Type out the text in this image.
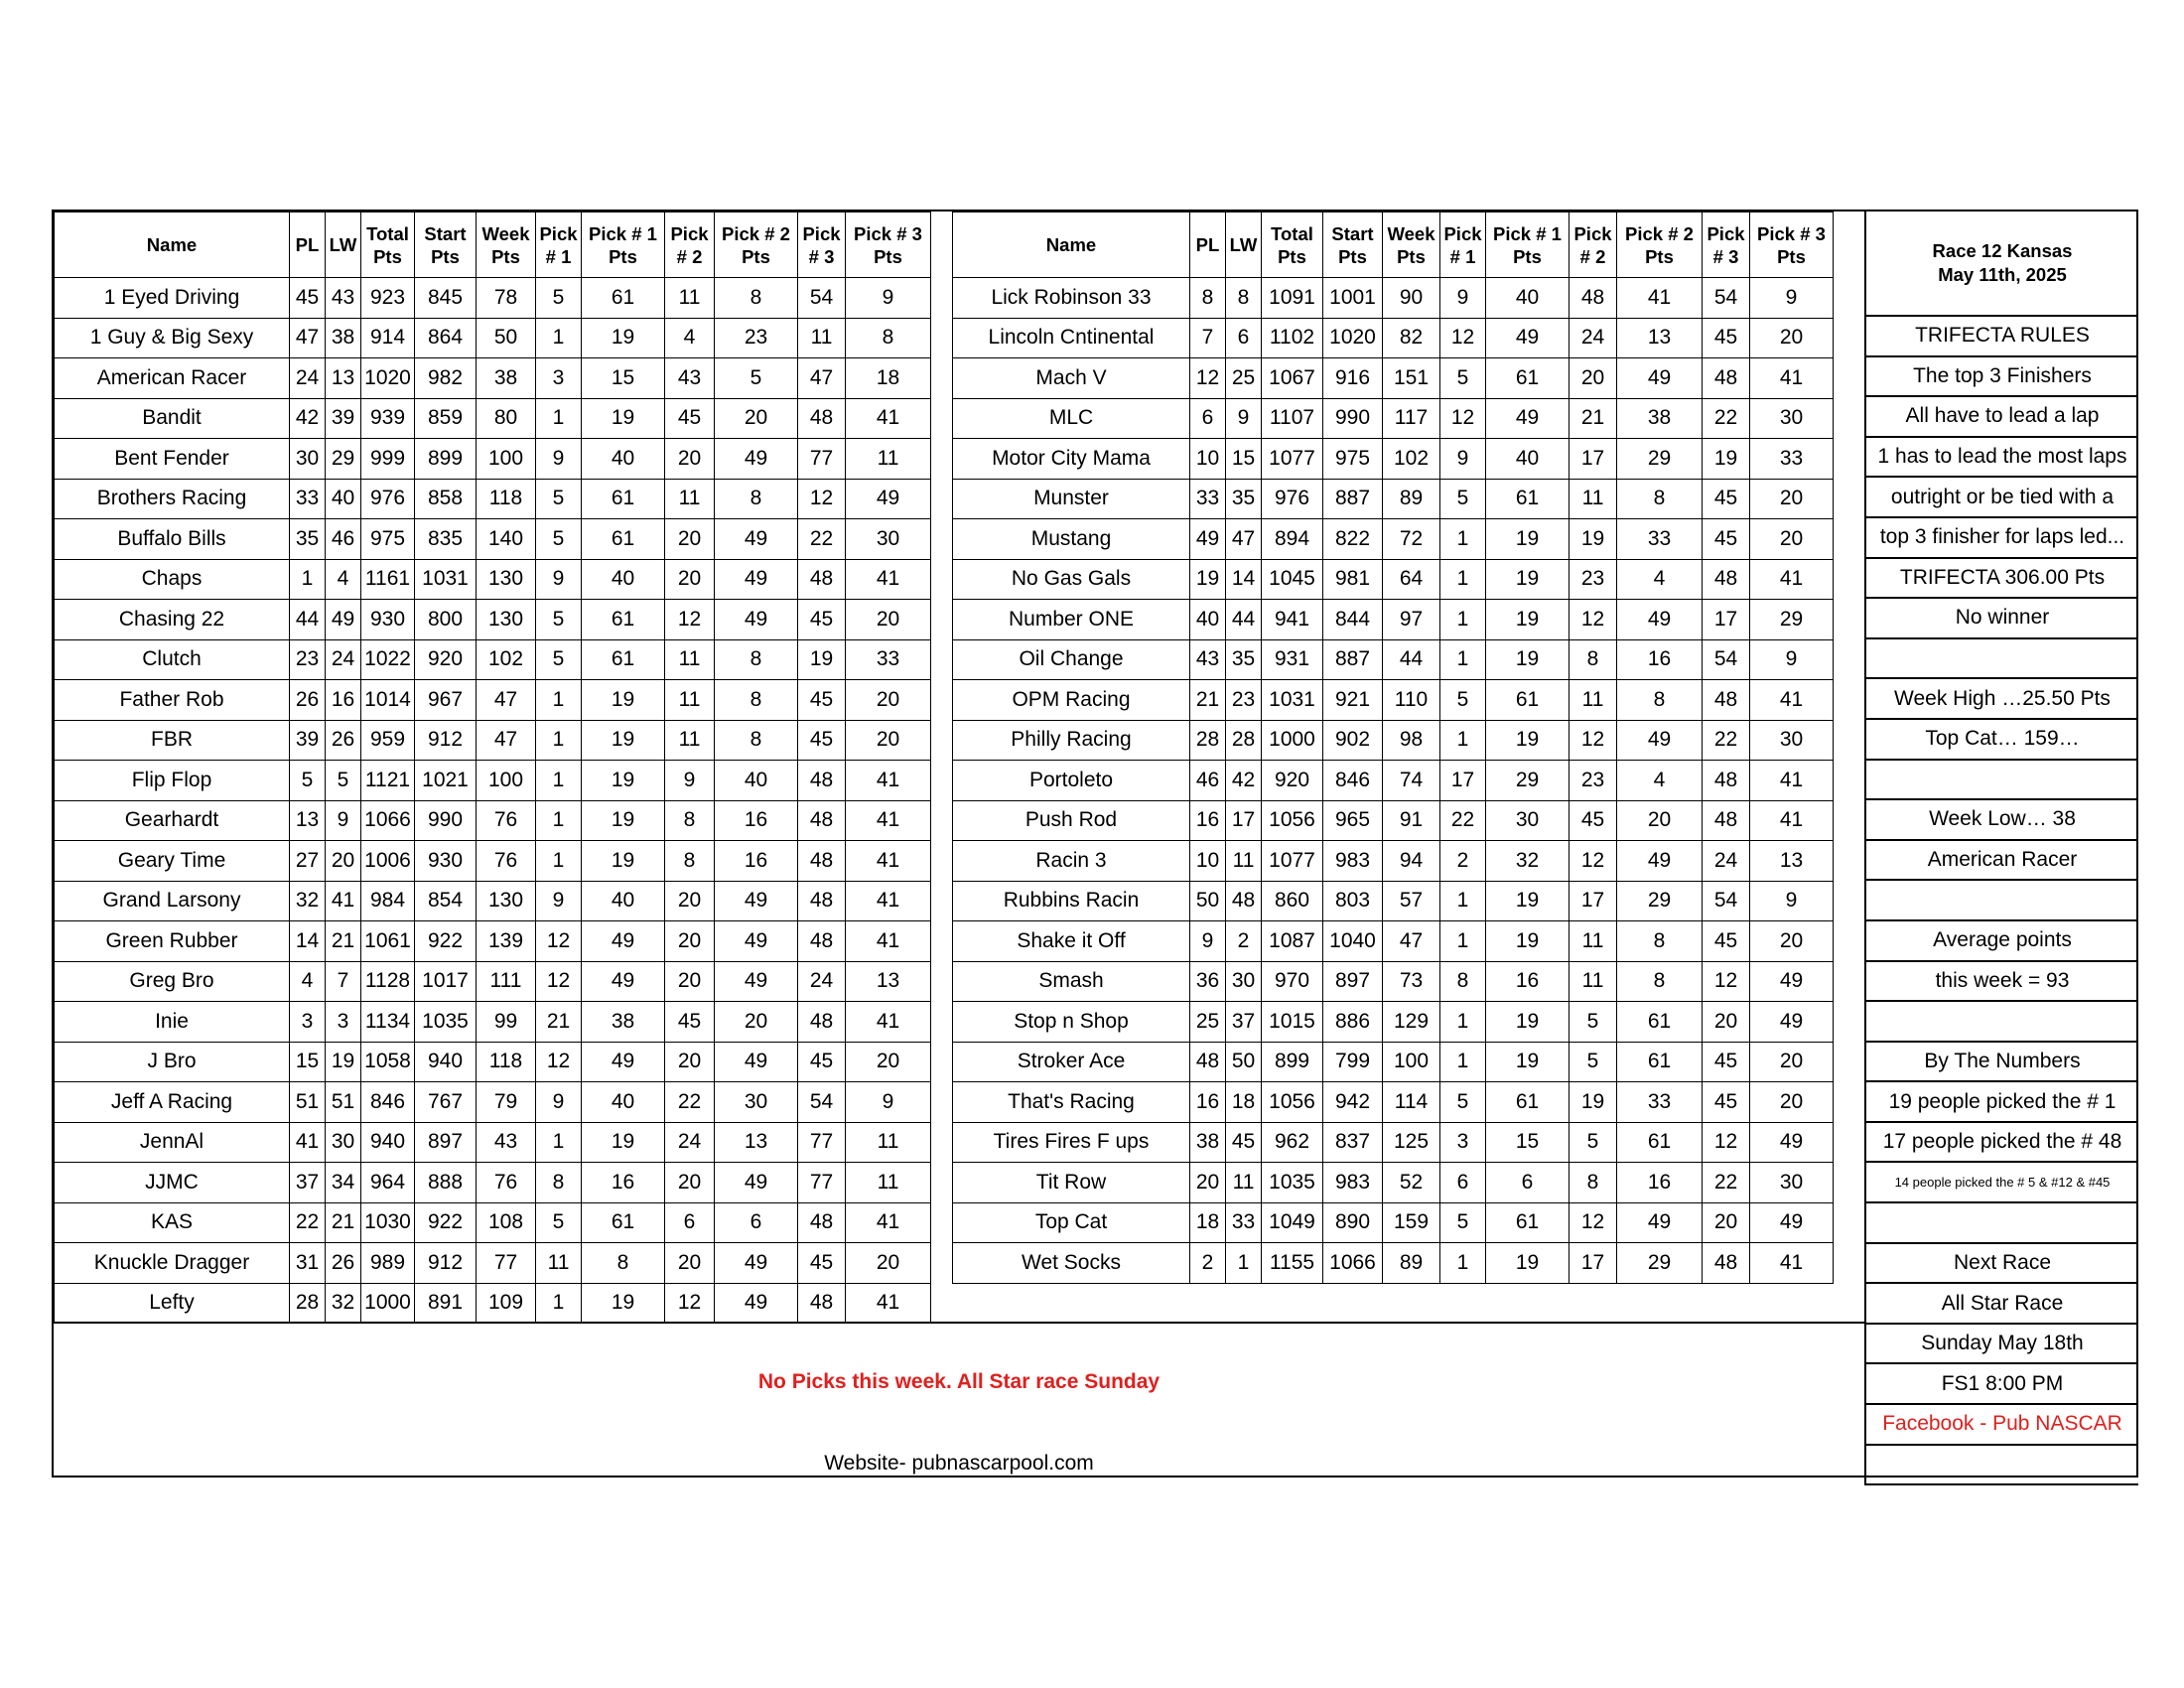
Name	PL	LW	Total Pts	Start Pts	Week Pts	Pick # 1	Pick # 1 Pts	Pick # 2	Pick # 2 Pts	Pick # 3	Pick # 3 Pts
1 Eyed Driving	45	43	923	845	78	5	61	11	8	54	9
1 Guy & Big Sexy	47	38	914	864	50	1	19	4	23	11	8
American Racer	24	13	1020	982	38	3	15	43	5	47	18
Bandit	42	39	939	859	80	1	19	45	20	48	41
Bent Fender	30	29	999	899	100	9	40	20	49	77	11
Brothers Racing	33	40	976	858	118	5	61	11	8	12	49
Buffalo Bills	35	46	975	835	140	5	61	20	49	22	30
Chaps	1	4	1161	1031	130	9	40	20	49	48	41
Chasing 22	44	49	930	800	130	5	61	12	49	45	20
Clutch	23	24	1022	920	102	5	61	11	8	19	33
Father Rob	26	16	1014	967	47	1	19	11	8	45	20
FBR	39	26	959	912	47	1	19	11	8	45	20
Flip Flop	5	5	1121	1021	100	1	19	9	40	48	41
Gearhardt	13	9	1066	990	76	1	19	8	16	48	41
Geary Time	27	20	1006	930	76	1	19	8	16	48	41
Grand Larsony	32	41	984	854	130	9	40	20	49	48	41
Green Rubber	14	21	1061	922	139	12	49	20	49	48	41
Greg Bro	4	7	1128	1017	111	12	49	20	49	24	13
Inie	3	3	1134	1035	99	21	38	45	20	48	41
J Bro	15	19	1058	940	118	12	49	20	49	45	20
Jeff A Racing	51	51	846	767	79	9	40	22	30	54	9
JennAl	41	30	940	897	43	1	19	24	13	77	11
JJMC	37	34	964	888	76	8	16	20	49	77	11
KAS	22	21	1030	922	108	5	61	6	6	48	41
Knuckle Dragger	31	26	989	912	77	11	8	20	49	45	20
Lefty	28	32	1000	891	109	1	19	12	49	48	41
Name	PL	LW	Total Pts	Start Pts	Week Pts	Pick # 1	Pick # 1 Pts	Pick # 2	Pick # 2 Pts	Pick # 3	Pick # 3 Pts
Lick Robinson 33	8	8	1091	1001	90	9	40	48	41	54	9
Lincoln Cntinental	7	6	1102	1020	82	12	49	24	13	45	20
Mach V	12	25	1067	916	151	5	61	20	49	48	41
MLC	6	9	1107	990	117	12	49	21	38	22	30
Motor City Mama	10	15	1077	975	102	9	40	17	29	19	33
Munster	33	35	976	887	89	5	61	11	8	45	20
Mustang	49	47	894	822	72	1	19	19	33	45	20
No Gas Gals	19	14	1045	981	64	1	19	23	4	48	41
Number ONE	40	44	941	844	97	1	19	12	49	17	29
Oil Change	43	35	931	887	44	1	19	8	16	54	9
OPM Racing	21	23	1031	921	110	5	61	11	8	48	41
Philly Racing	28	28	1000	902	98	1	19	12	49	22	30
Portoleto	46	42	920	846	74	17	29	23	4	48	41
Push Rod	16	17	1056	965	91	22	30	45	20	48	41
Racin 3	10	11	1077	983	94	2	32	12	49	24	13
Rubbins Racin	50	48	860	803	57	1	19	17	29	54	9
Shake it Off	9	2	1087	1040	47	1	19	11	8	45	20
Smash	36	30	970	897	73	8	16	11	8	12	49
Stop n Shop	25	37	1015	886	129	1	19	5	61	20	49
Stroker Ace	48	50	899	799	100	1	19	5	61	45	20
That's Racing	16	18	1056	942	114	5	61	19	33	45	20
Tires Fires F ups	38	45	962	837	125	3	15	5	61	12	49
Tit Row	20	11	1035	983	52	6	6	8	16	22	30
Top Cat	18	33	1049	890	159	5	61	12	49	20	49
Wet Socks	2	1	1155	1066	89	1	19	17	29	48	41
Race 12 Kansas
May 11th, 2025
TRIFECTA RULES
The top 3 Finishers
All have to lead a lap
1 has to lead the most laps
outright or be tied with a
top 3 finisher for laps led...
TRIFECTA 306.00 Pts
No winner
Week High …25.50 Pts
Top Cat… 159…
Week Low… 38
American Racer
Average points
this week = 93
By The Numbers
19 people picked the # 1
17 people picked the # 48
14 people picked the # 5 & #12 & #45
Next Race
All Star Race
Sunday May 18th
FS1 8:00 PM
Facebook - Pub NASCAR
No Picks this week. All Star race Sunday
Website- pubnascarpool.com
